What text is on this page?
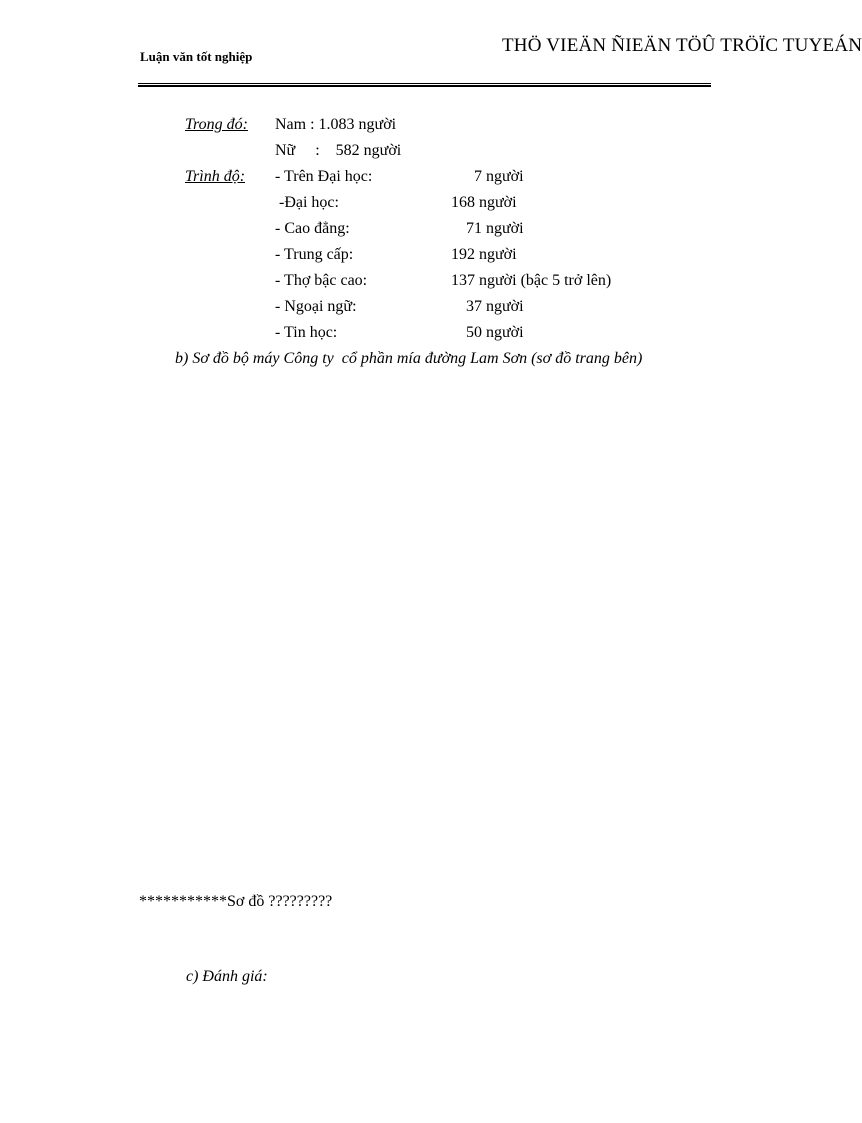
Luận văn tốt nghiệp
THÖ VIEÄN ÑIEÄN TÖÛ TRÖÏC TUYEÁN
Trong đó: Nam : 1.083 người
Nữ     :    582 người
Trình độ: - Trên Đại học:	7 người
-Đại học:	168 người
- Cao đẳng:	71 người
- Trung cấp:	192 người
- Thợ bậc cao:	137 người (bậc 5 trở lên)
- Ngoại ngữ:	37 người
- Tin học:	50 người
b) Sơ đồ bộ máy Công ty  cổ phần mía đường Lam Sơn (sơ đồ trang bên)
***********Sơ đồ ?????????
c) Đánh giá:
